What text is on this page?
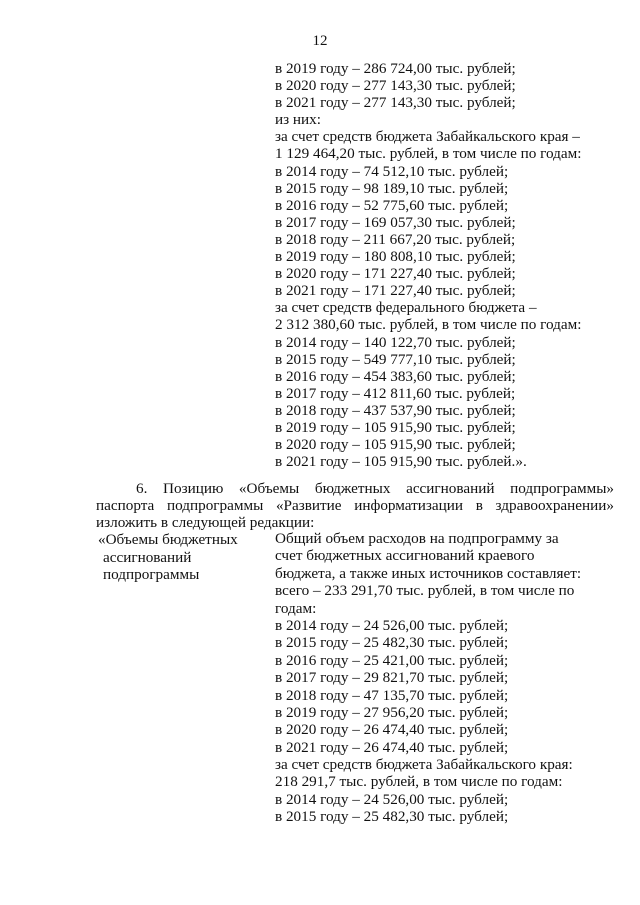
12
в 2019 году – 286 724,00 тыс. рублей;
в 2020 году – 277 143,30 тыс. рублей;
в 2021 году – 277 143,30 тыс. рублей;
из них:
за счет средств бюджета Забайкальского края –
1 129 464,20 тыс. рублей, в том числе по годам:
в 2014 году – 74 512,10 тыс. рублей;
в 2015 году – 98 189,10 тыс. рублей;
в 2016 году – 52 775,60 тыс. рублей;
в 2017 году – 169 057,30 тыс. рублей;
в 2018 году – 211 667,20 тыс. рублей;
в 2019 году – 180 808,10 тыс. рублей;
в 2020 году – 171 227,40 тыс. рублей;
в 2021 году – 171 227,40 тыс. рублей;
за счет средств федерального бюджета –
2 312 380,60 тыс. рублей, в том числе по годам:
в 2014 году – 140 122,70 тыс. рублей;
в 2015 году – 549 777,10 тыс. рублей;
в 2016 году – 454 383,60 тыс. рублей;
в 2017 году – 412 811,60 тыс. рублей;
в 2018 году – 437 537,90 тыс. рублей;
в 2019 году – 105 915,90 тыс. рублей;
в 2020 году – 105 915,90 тыс. рублей;
в 2021 году – 105 915,90 тыс. рублей.».
6. Позицию «Объемы бюджетных ассигнований подпрограммы»
паспорта подпрограммы «Развитие информатизации в здравоохранении»
изложить в следующей редакции:
«Объемы бюджетных
ассигнований
подпрограммы
Общий объем расходов на подпрограмму за
счет бюджетных ассигнований краевого
бюджета, а также иных источников составляет:
всего – 233 291,70 тыс. рублей, в том числе по
годам:
в 2014 году – 24 526,00 тыс. рублей;
в 2015 году – 25 482,30 тыс. рублей;
в 2016 году – 25 421,00 тыс. рублей;
в 2017 году – 29 821,70 тыс. рублей;
в 2018 году – 47 135,70 тыс. рублей;
в 2019 году – 27 956,20 тыс. рублей;
в 2020 году – 26 474,40 тыс. рублей;
в 2021 году – 26 474,40 тыс. рублей;
за счет средств бюджета Забайкальского края:
218 291,7 тыс. рублей, в том числе по годам:
в 2014 году – 24 526,00 тыс. рублей;
в 2015 году – 25 482,30 тыс. рублей;
